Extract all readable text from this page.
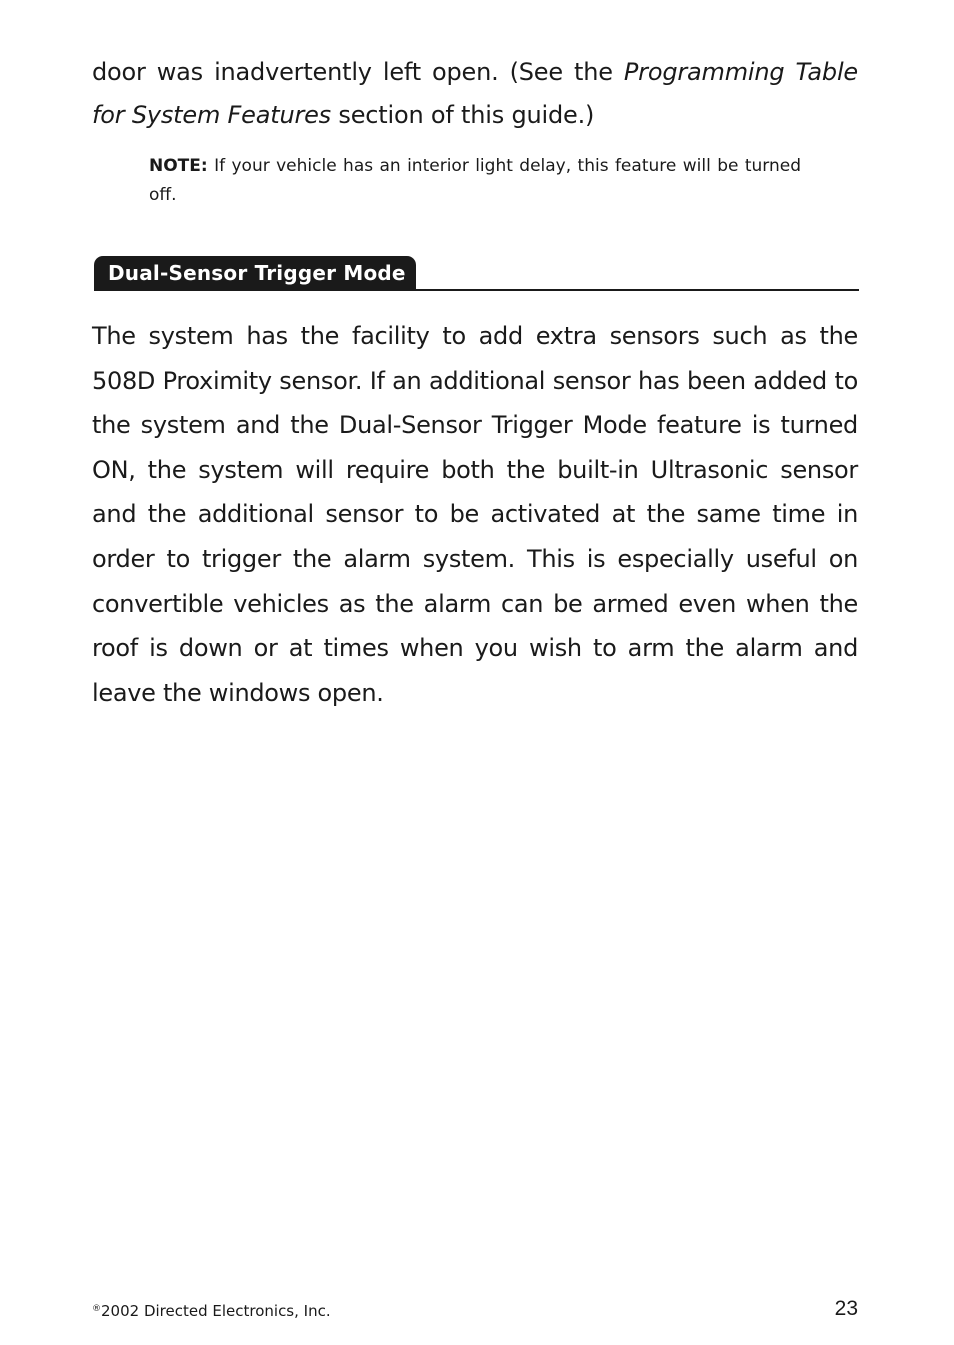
door was inadvertently left open. (See the Programming Table for System Features section of this guide.)

NOTE: If your vehicle has an interior light delay, this feature will be turned off.

Dual-Sensor Trigger Mode

The system has the facility to add extra sensors such as the 508D Proximity sensor. If an additional sensor has been added to the system and the Dual-Sensor Trigger Mode feature is turned ON, the system will require both the built-in Ultrasonic sensor and the additional sensor to be activated at the same time in order to trigger the alarm system. This is especially useful on convertible vehicles as the alarm can be armed even when the roof is down or at times when you wish to arm the alarm and leave the windows open.

®2002 Directed Electronics, Inc.	23
